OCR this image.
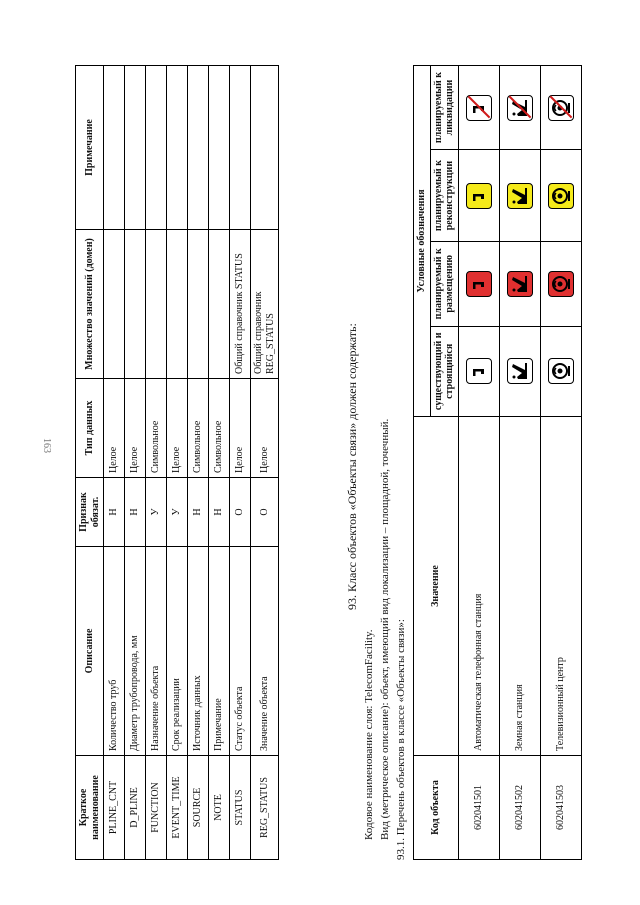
163
Краткое наименование	Описание	Признак обязат.	Тип данных	Множество значений (домен)	Примечание
PLINE_CNT	Количество труб	Н	Целое		
D_PLINE	Диаметр трубопровода, мм	Н	Целое		
FUNCTION	Назначение объекта	У	Символьное		
EVENT_TIME	Срок реализации	У	Целое		
SOURCE	Источник данных	Н	Символьное		
NOTE	Примечание	Н	Символьное		
STATUS	Статус объекта	О	Целое	Общий справочник STATUS	
REG_STATUS	Значение объекта	О	Целое	Общий справочник REG_STATUS		93. Класс объектов «Объекты связи» должен содержать:
Кодовое наименование слоя: TelecomFacility. Вид (метрическое описание): объект, имеющий вид локализации – площадной, точечный. 93.1. Перечень объектов в классе «Объекты связи»: Код объекта	Значение	Условные обозначения			
		существующий и строящийся	планируемый к размещению	планируемый к реконструкции	планируемый к ликвидации
602041501	Автоматическая телефонная станция	

602041502	Земная станция	

602041503	Телевизионный центр	
